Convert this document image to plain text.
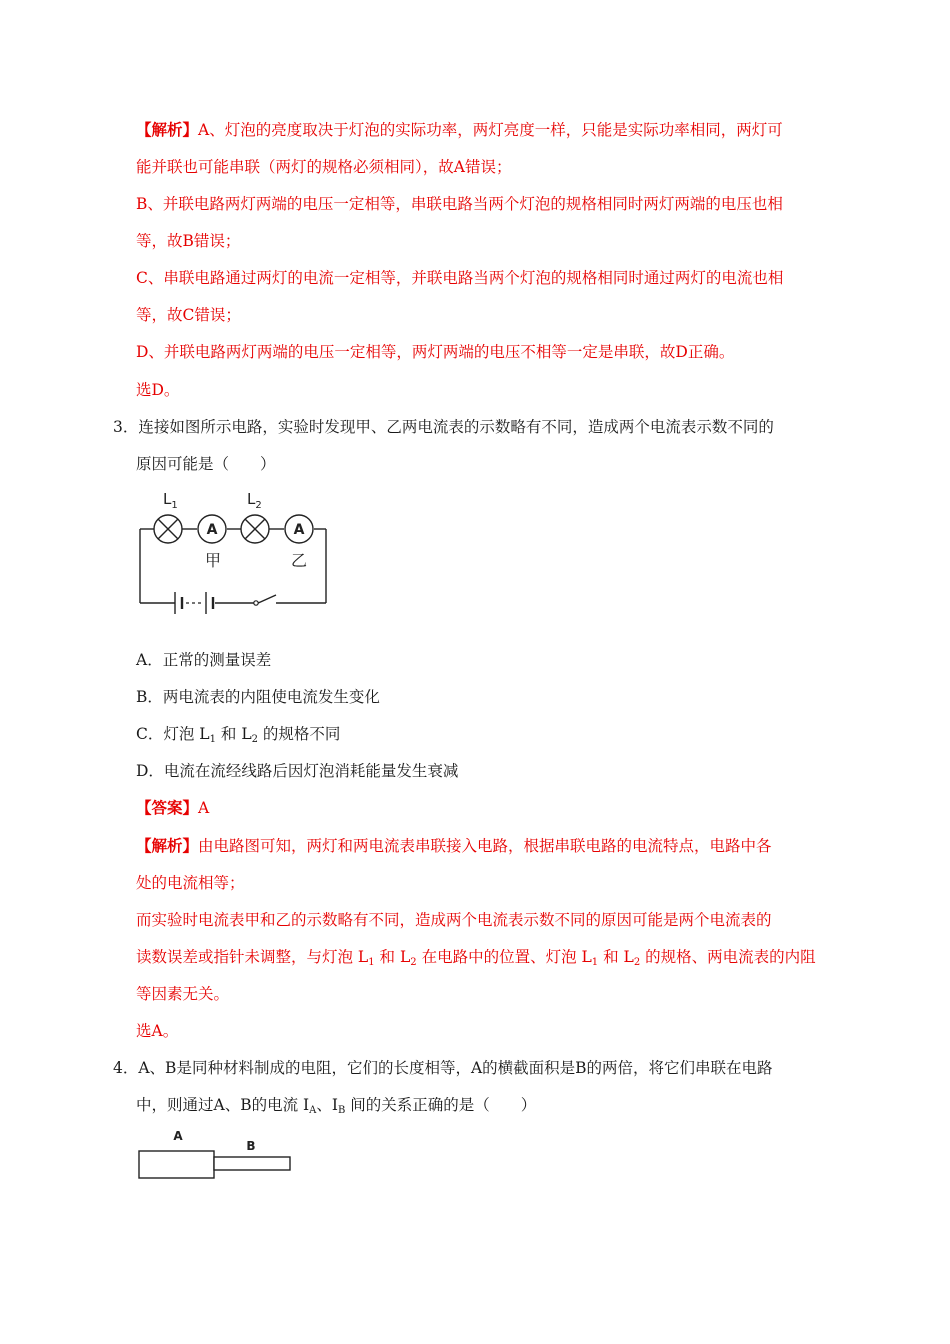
【解析】A、灯泡的亮度取决于灯泡的实际功率，两灯亮度一样，只能是实际功率相同，两灯可
能并联也可能串联（两灯的规格必须相同），故A错误；
B、并联电路两灯两端的电压一定相等，串联电路当两个灯泡的规格相同时两灯两端的电压也相
等，故B错误；
C、串联电路通过两灯的电流一定相等，并联电路当两个灯泡的规格相同时通过两灯的电流也相
等，故C错误；
D、并联电路两灯两端的电压一定相等，两灯两端的电压不相等一定是串联，故D正确。
选D。
3．连接如图所示电路，实验时发现甲、乙两电流表的示数略有不同，造成两个电流表示数不同的
原因可能是（　　）
A	A
$L_1$	$L_2$
甲	乙
A．正常的测量误差
B．两电流表的内阻使电流发生变化
C．灯泡 $L_1$ 和 $L_2$ 的规格不同
D．电流在流经线路后因灯泡消耗能量发生衰减
【答案】A
【解析】由电路图可知，两灯和两电流表串联接入电路，根据串联电路的电流特点，电路中各
处的电流相等；
而实验时电流表甲和乙的示数略有不同，造成两个电流表示数不同的原因可能是两个电流表的
读数误差或指针未调整，与灯泡 $L_1$ 和 $L_2$ 在电路中的位置、灯泡 $L_1$ 和 $L_2$ 的规格、两电流表的内阻
等因素无关。
选A。
4．A、B是同种材料制成的电阻，它们的长度相等，A的横截面积是B的两倍，将它们串联在电路
中，则通过A、B的电流 $I_A$、$I_B$ 间的关系正确的是（　　）
A
B
